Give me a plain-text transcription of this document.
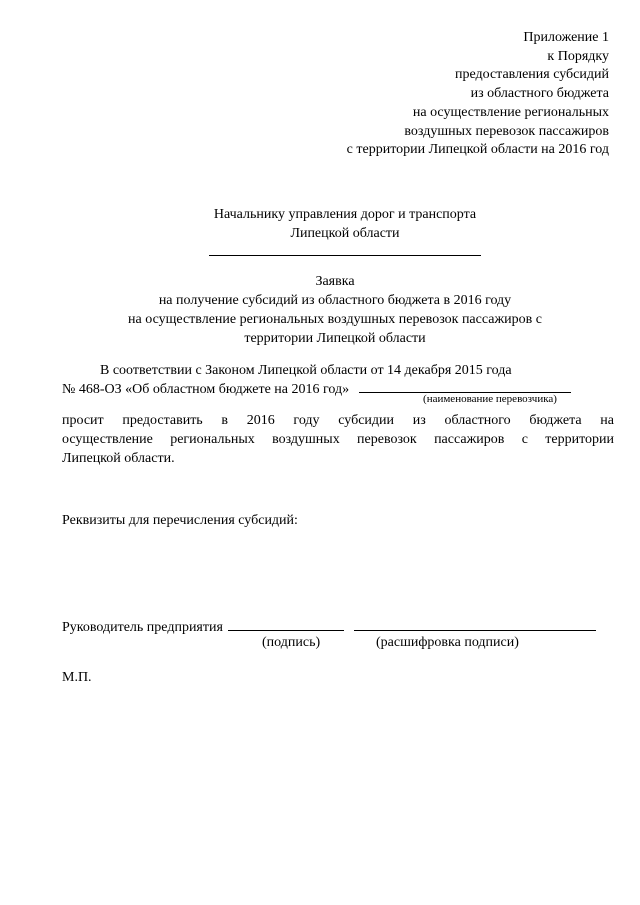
Приложение 1
к Порядку
предоставления субсидий
из областного бюджета
на осуществление региональных
воздушных перевозок пассажиров
с территории Липецкой области на 2016 год
Начальнику управления дорог и транспорта
Липецкой области
Заявка
на получение субсидий из областного бюджета в 2016 году
на осуществление региональных воздушных перевозок пассажиров с
территории Липецкой области
В соответствии с Законом Липецкой области от 14 декабря 2015 года
№ 468-ОЗ «Об областном бюджете на 2016 год»
(наименование перевозчика)
просит предоставить в 2016 году субсидии из областного бюджета на
осуществление региональных воздушных перевозок пассажиров с территории
Липецкой области.
Реквизиты для перечисления субсидий:
Руководитель предприятия
(подпись)	(расшифровка подписи)
М.П.
